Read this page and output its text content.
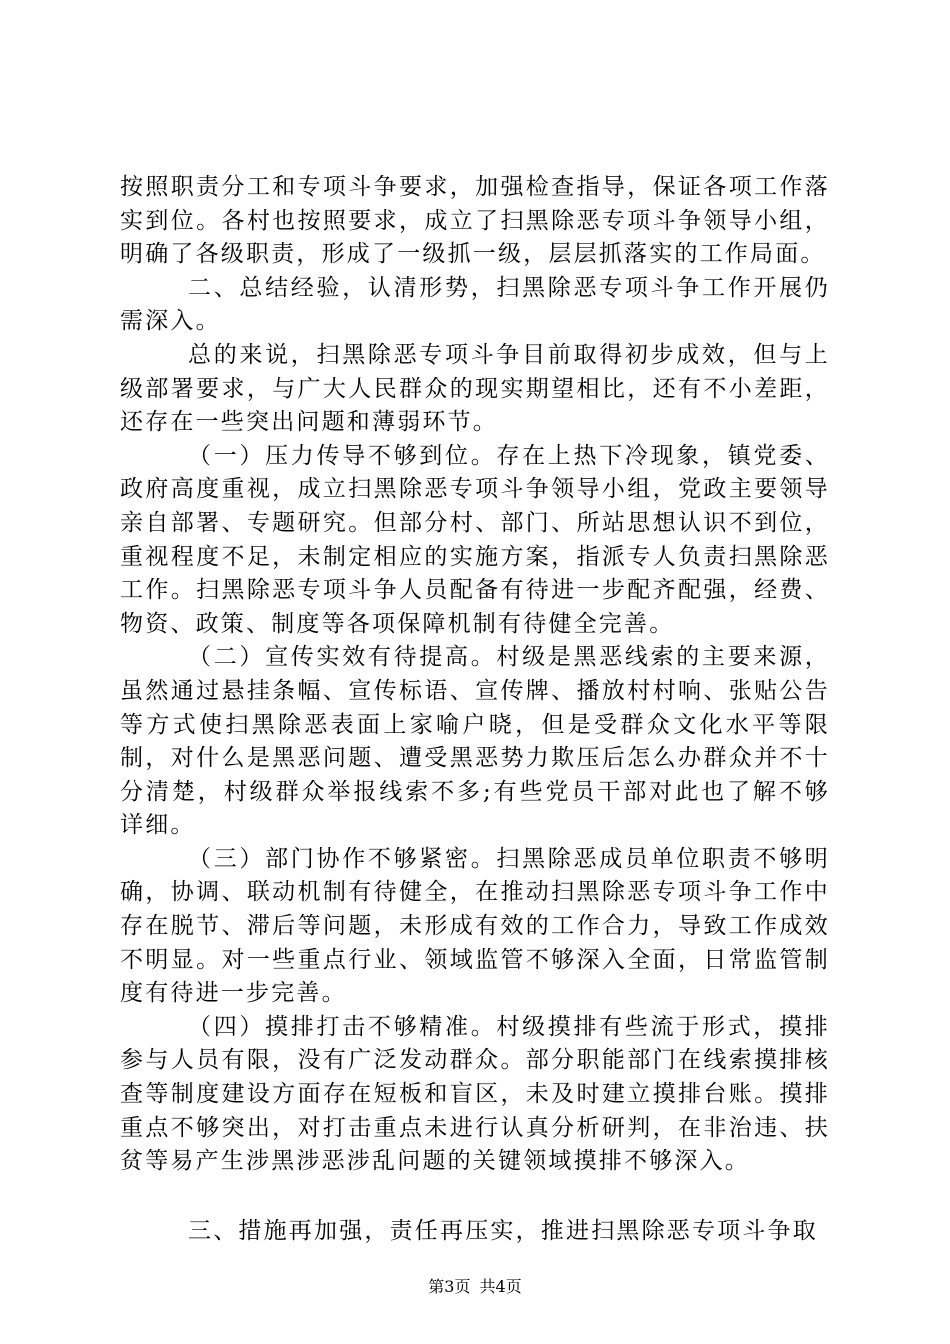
按照职责分工和专项斗争要求，加强检查指导，保证各项工作落实到位。各村也按照要求，成立了扫黑除恶专项斗争领导小组，明确了各级职责，形成了一级抓一级，层层抓落实的工作局面。

二、总结经验，认清形势，扫黑除恶专项斗争工作开展仍需深入。

总的来说，扫黑除恶专项斗争目前取得初步成效，但与上级部署要求，与广大人民群众的现实期望相比，还有不小差距，还存在一些突出问题和薄弱环节。

（一）压力传导不够到位。存在上热下冷现象，镇党委、政府高度重视，成立扫黑除恶专项斗争领导小组，党政主要领导亲自部署、专题研究。但部分村、部门、所站思想认识不到位，重视程度不足，未制定相应的实施方案，指派专人负责扫黑除恶工作。扫黑除恶专项斗争人员配备有待进一步配齐配强，经费、物资、政策、制度等各项保障机制有待健全完善。

（二）宣传实效有待提高。村级是黑恶线索的主要来源，虽然通过悬挂条幅、宣传标语、宣传牌、播放村村响、张贴公告等方式使扫黑除恶表面上家喻户晓，但是受群众文化水平等限制，对什么是黑恶问题、遭受黑恶势力欺压后怎么办群众并不十分清楚，村级群众举报线索不多;有些党员干部对此也了解不够详细。

（三）部门协作不够紧密。扫黑除恶成员单位职责不够明确，协调、联动机制有待健全，在推动扫黑除恶专项斗争工作中存在脱节、滞后等问题，未形成有效的工作合力，导致工作成效不明显。对一些重点行业、领域监管不够深入全面，日常监管制度有待进一步完善。

（四）摸排打击不够精准。村级摸排有些流于形式，摸排参与人员有限，没有广泛发动群众。部分职能部门在线索摸排核查等制度建设方面存在短板和盲区，未及时建立摸排台账。摸排重点不够突出，对打击重点未进行认真分析研判，在非治违、扶贫等易产生涉黑涉恶涉乱问题的关键领域摸排不够深入。

三、措施再加强，责任再压实，推进扫黑除恶专项斗争取

第3页 共4页
